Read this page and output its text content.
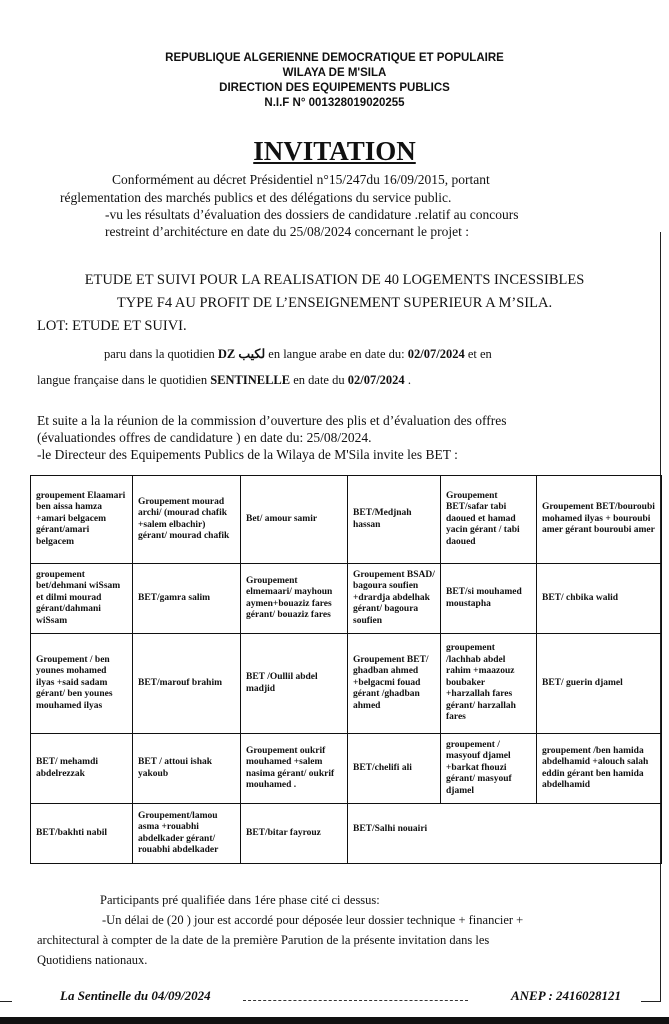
REPUBLIQUE ALGERIENNE DEMOCRATIQUE ET POPULAIRE
WILAYA DE M'SILA
DIRECTION DES EQUIPEMENTS PUBLICS
N.I.F N° 001328019020255
INVITATION
Conformément au décret Présidentiel n°15/247du 16/09/2015, portant
réglementation des marchés publics et des délégations du service public.
-vu les résultats d’évaluation des dossiers de candidature .relatif au concours
restreint d’architécture en date du 25/08/2024 concernant le projet :
ETUDE ET SUIVI POUR LA REALISATION DE 40 LOGEMENTS INCESSIBLES
TYPE F4 AU PROFIT DE L’ENSEIGNEMENT SUPERIEUR A M’SILA.
LOT: ETUDE ET SUIVI.
paru dans la quotidien DZ لكيب en langue arabe en date du: 02/07/2024 et en
langue française dans le quotidien SENTINELLE en date du 02/07/2024 .
Et suite a la la réunion de la commission d’ouverture des plis et d’évaluation des offres
(évaluationdes offres de candidature ) en date du: 25/08/2024.
-le Directeur des Equipements Publics de la Wilaya de M'Sila invite les BET :
groupement Elaamari ben aissa hamza +amari belgacem gérant/amari belgacem	Groupement mourad archi/ (mourad chafik +salem elbachir) gérant/ mourad chafik	Bet/ amour samir	BET/Medjnah hassan	Groupement BET/safar tabi daoued et hamad yacin gérant / tabi daoued	Groupement BET/bouroubi mohamed ilyas + bouroubi amer gérant bouroubi amer
groupement bet/dehmani wiSsam et dilmi mourad gérant/dahmani wiSsam	BET/gamra salim	Groupement elmemaari/ mayhoun aymen+bouaziz fares gérant/ bouaziz fares	Groupement BSAD/ bagoura soufien +drardja abdelhak gérant/ bagoura soufien	BET/si mouhamed moustapha	BET/ chbika walid
Groupement / ben younes mohamed ilyas +said sadam gérant/ ben younes mouhamed ilyas	BET/marouf brahim	BET /Oullil abdel madjid	Groupement BET/ ghadban ahmed +belgacmi fouad gérant /ghadban ahmed	groupement /lachhab abdel rahim +maazouz boubaker +harzallah fares gérant/ harzallah fares	BET/ guerin djamel
BET/ mehamdi abdelrezzak	BET / attoui ishak yakoub	Groupement oukrif mouhamed +salem nasima gérant/ oukrif mouhamed .	BET/chelifi ali	groupement / masyouf djamel +barkat fhouzi gérant/ masyouf djamel	groupement /ben hamida abdelhamid +alouch salah eddin gérant ben hamida abdelhamid
BET/bakhti nabil	Groupement/lamou asma +rouabhi abdelkader gérant/ rouabhi abdelkader	BET/bitar fayrouz	BET/Salhi nouairi		
Participants pré qualifiée dans 1ére phase cité ci dessus:
-Un délai de (20 ) jour est accordé pour déposée leur dossier technique + financier +
architectural à compter de la date de la première Parution de la présente invitation dans les
Quotidiens nationaux.
La Sentinelle du 04/09/2024	ANEP : 2416028121
